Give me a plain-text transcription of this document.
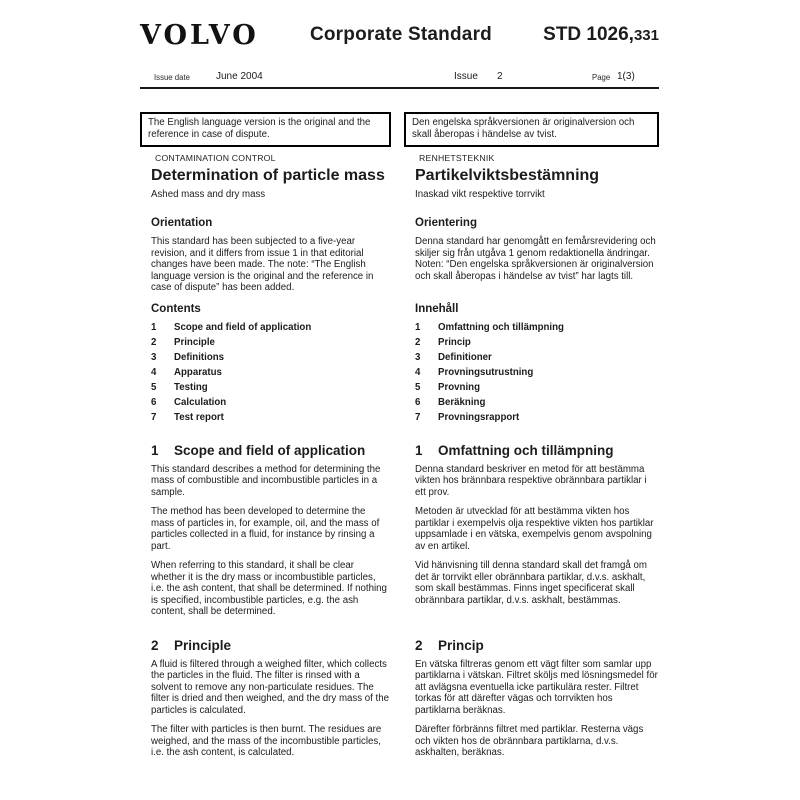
VOLVO	Corporate Standard	STD 1026,331
Issue date	June 2004	Issue 2	Page 1(3)
The English language version is the original and the reference in case of dispute.
Den engelska språkversionen är originalversion och skall åberopas i händelse av tvist.
CONTAMINATION CONTROL	RENHETSTEKNIK
Determination of particle mass	Partikelviktsbestämning
Ashed mass and dry mass	Inaskad vikt respektive torrvikt
Orientation

This standard has been subjected to a five-year revision, and it differs from issue 1 in that editorial changes have been made. The note: “The English language version is the original and the reference in case of dispute” has been added.

Orientering

Denna standard har genomgått en femårsrevidering och skiljer sig från utgåva 1 genom redaktionella ändringar. Noten: “Den engelska språkversionen är originalversion och skall åberopas i händelse av tvist” har lagts till.

Contents
1	Scope and field of application
2	Principle
3	Definitions
4	Apparatus
5	Testing
6	Calculation
7	Test report
Innehåll
1	Omfattning och tillämpning
2	Princip
3	Definitioner
4	Provningsutrustning
5	Provning
6	Beräkning
7	Provningsrapport
1	Scope and field of application

This standard describes a method for determining the mass of combustible and incombustible particles in a sample.

The method has been developed to determine the mass of particles in, for example, oil, and the mass of particles collected in a fluid, for instance by rinsing a part.

When referring to this standard, it shall be clear whether it is the dry mass or incombustible particles, i.e. the ash content, that shall be determined. If nothing is specified, incombustible particles, e.g. the ash content, shall be determined.

1	Omfattning och tillämpning

Denna standard beskriver en metod för att bestämma vikten hos brännbara respektive obrännbara partiklar i ett prov.

Metoden är utvecklad för att bestämma vikten hos partiklar i exempelvis olja respektive vikten hos partiklar uppsamlade i en vätska, exempelvis genom avspolning av en artikel.

Vid hänvisning till denna standard skall det framgå om det är torrvikt eller obrännbara partiklar, d.v.s. askhalt, som skall bestämmas. Finns inget specificerat skall obrännbara partiklar, d.v.s. askhalt, bestämmas.

2	Principle

A fluid is filtered through a weighed filter, which collects the particles in the fluid. The filter is rinsed with a solvent to remove any non-particulate residues. The filter is dried and then weighed, and the dry mass of the particles is calculated.

The filter with particles is then burnt. The residues are weighed, and the mass of the incombustible particles, i.e. the ash content, is calculated.

2	Princip

En vätska filtreras genom ett vägt filter som samlar upp partiklarna i vätskan. Filtret sköljs med lösningsmedel för att avlägsna eventuella icke partikulära rester. Filtret torkas för att därefter vägas och torrvikten hos partiklarna beräknas.

Därefter förbränns filtret med partiklar. Resterna vägs och vikten hos de obrännbara partiklarna, d.v.s. askhalten, beräknas.
